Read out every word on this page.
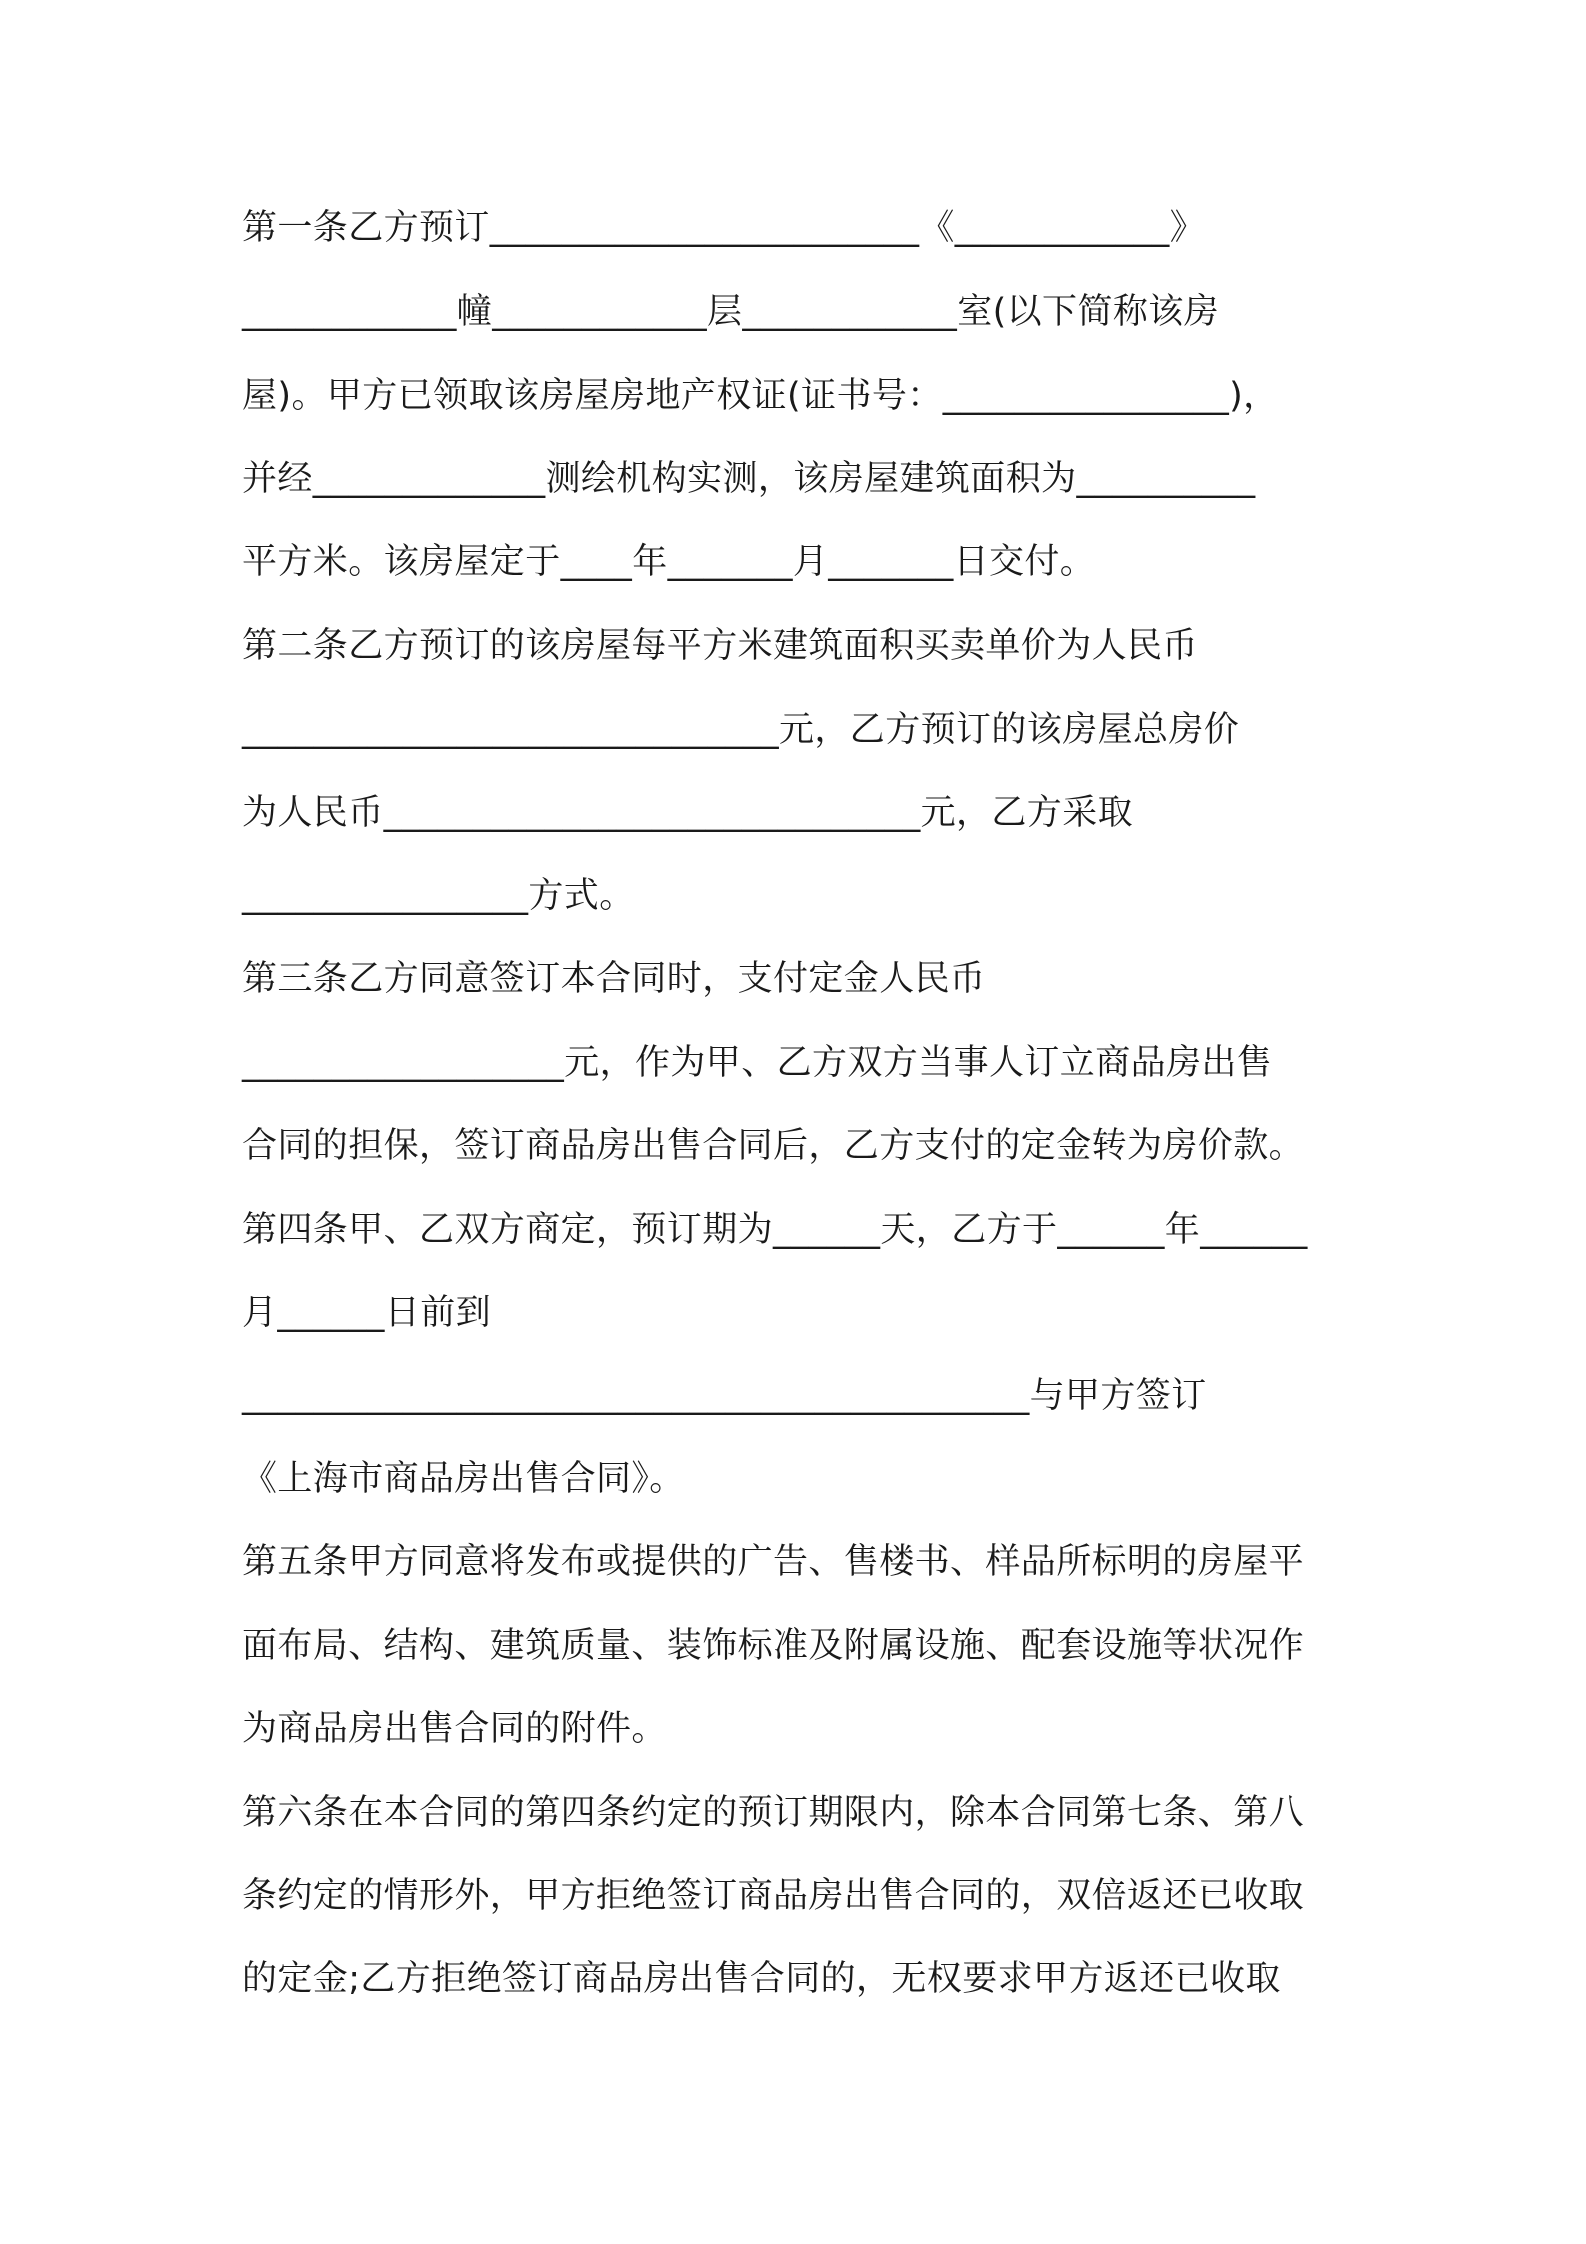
第一条乙方预订________________________《____________》
____________幢____________层____________室(以下简称该房
屋)。甲方已领取该房屋房地产权证(证书号：________________)，
并经_____________测绘机构实测，该房屋建筑面积为__________
平方米。该房屋定于____年_______月_______日交付。
第二条乙方预订的该房屋每平方米建筑面积买卖单价为人民币
______________________________元，乙方预订的该房屋总房价
为人民币______________________________元，乙方采取
________________方式。
第三条乙方同意签订本合同时，支付定金人民币
__________________元，作为甲、乙方双方当事人订立商品房出售
合同的担保，签订商品房出售合同后，乙方支付的定金转为房价款。
第四条甲、乙双方商定，预订期为______天，乙方于______年______
月______日前到
____________________________________________与甲方签订
《上海市商品房出售合同》。
第五条甲方同意将发布或提供的广告、售楼书、样品所标明的房屋平
面布局、结构、建筑质量、装饰标准及附属设施、配套设施等状况作
为商品房出售合同的附件。
第六条在本合同的第四条约定的预订期限内，除本合同第七条、第八
条约定的情形外，甲方拒绝签订商品房出售合同的，双倍返还已收取
的定金;乙方拒绝签订商品房出售合同的，无权要求甲方返还已收取
